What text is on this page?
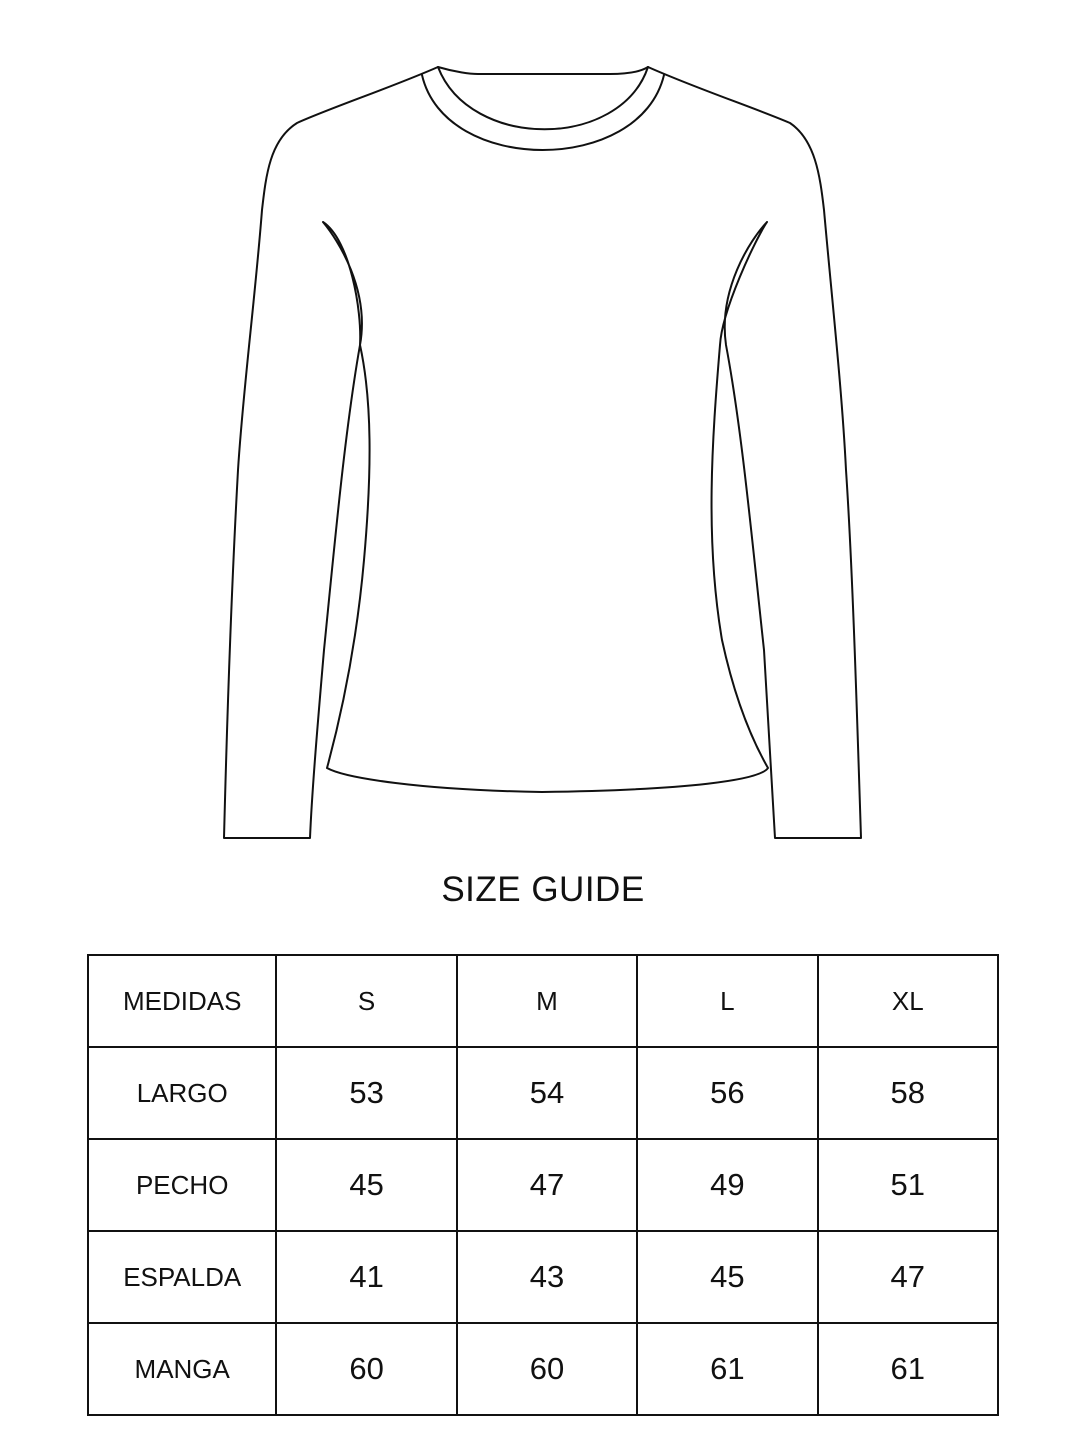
SIZE GUIDE
MEDIDAS	S	M	L	XL
LARGO	53	54	56	58
PECHO	45	47	49	51
ESPALDA	41	43	45	47
MANGA	60	60	61	61
